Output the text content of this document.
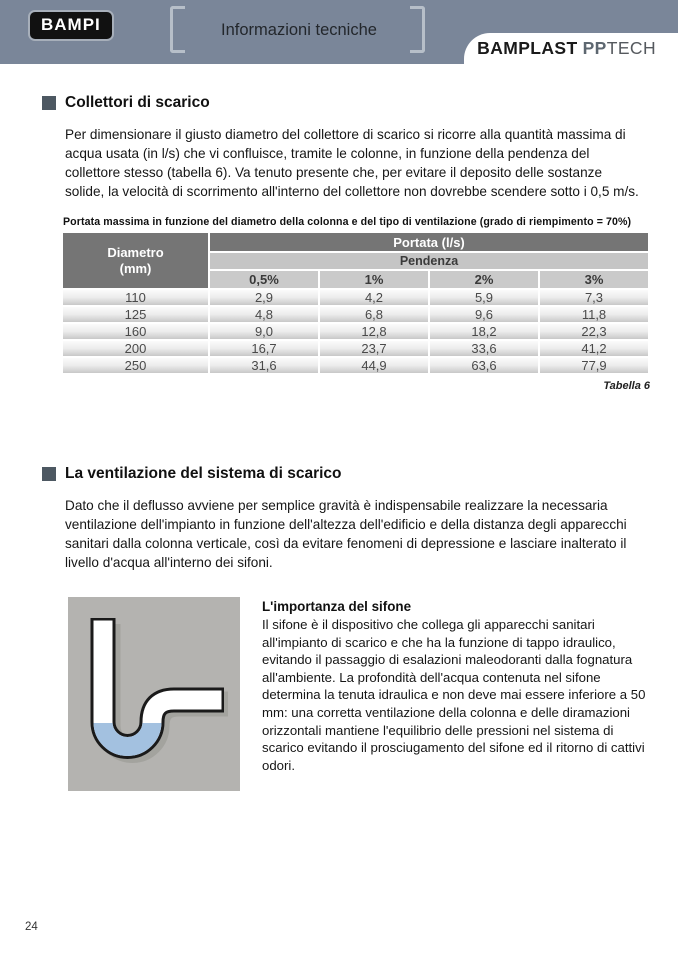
BAMPI	Informazioni tecniche
BAMPLAST PP TECH
Collettori di scarico

Per dimensionare il giusto diametro del collettore di scarico si ricorre alla quantità massima di acqua usata (in l/s) che vi confluisce, tramite le colonne, in funzione della pendenza del collettore stesso (tabella 6). Va tenuto presente che, per evitare il deposito delle sostanze solide, la velocità di scorrimento all'interno del collettore non dovrebbe scendere sotto i 0,5 m/s.

Portata massima in funzione del diametro della colonna e del tipo di ventilazione (grado di riempimento = 70%)
Diametro
(mm)	Portata (l/s)			
	Pendenza			
	0,5%	1%	2%	3%
110	2,9	4,2	5,9	7,3
125	4,8	6,8	9,6	11,8
160	9,0	12,8	18,2	22,3
200	16,7	23,7	33,6	41,2
250	31,6	44,9	63,6	77,9
Tabella 6
La ventilazione del sistema di scarico

Dato che il deflusso avviene per semplice gravità è indispensabile realizzare la necessaria ventilazione dell'impianto in funzione dell'altezza dell'edificio e della distanza degli apparecchi sanitari dalla colonna verticale, così da evitare fenomeni di depressione e lasciare inalterato il livello d'acqua all'interno dei sifoni.

L'importanza del sifone
Il sifone è il dispositivo che collega gli apparecchi sanitari all'impianto di scarico e che ha la funzione di tappo idraulico, evitando il passaggio di esalazioni maleodoranti dalla fognatura all'ambiente. La profondità dell'acqua contenuta nel sifone determina la tenuta idraulica e non deve mai essere inferiore a 50 mm: una corretta ventilazione della colonna e delle diramazioni orizzontali mantiene l'equilibrio delle pressioni nel sistema di scarico evitando il prosciugamento del sifone ed il ritorno di cattivi odori.
24
